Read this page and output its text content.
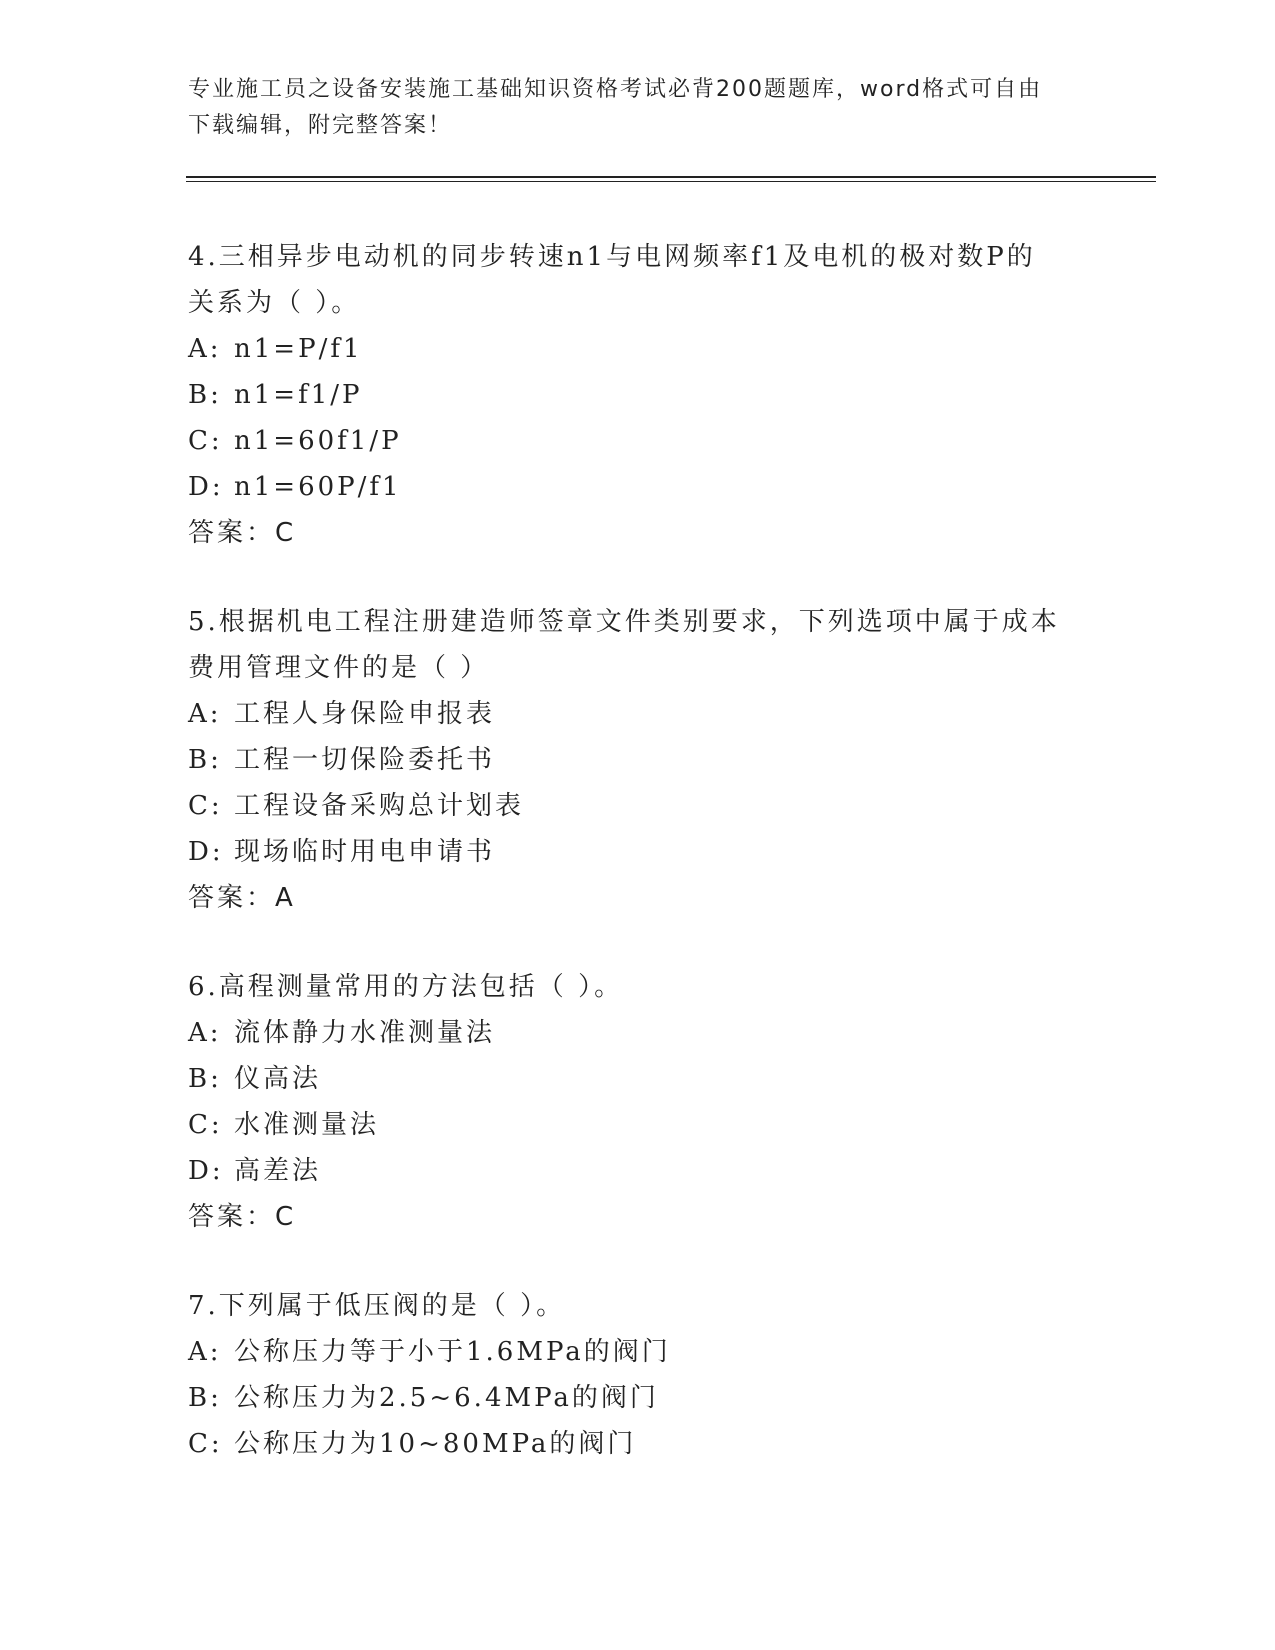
专业施工员之设备安装施工基础知识资格考试必背200题题库，word格式可自由
下载编辑，附完整答案！

4.三相异步电动机的同步转速n1与电网频率f1及电机的极对数P的

关系为（ ）。

A: n1=P/f1

B: n1=f1/P

C: n1=60f1/P

D: n1=60P/f1

答案：C

5.根据机电工程注册建造师签章文件类别要求，下列选项中属于成本

费用管理文件的是（ ）

A: 工程人身保险申报表

B: 工程一切保险委托书

C: 工程设备采购总计划表

D: 现场临时用电申请书

答案：A

6.高程测量常用的方法包括（ ）。

A: 流体静力水准测量法

B: 仪高法

C: 水准测量法

D: 高差法

答案：C

7.下列属于低压阀的是（ ）。

A: 公称压力等于小于1.6MPa的阀门

B: 公称压力为2.5~6.4MPa的阀门

C: 公称压力为10~80MPa的阀门
